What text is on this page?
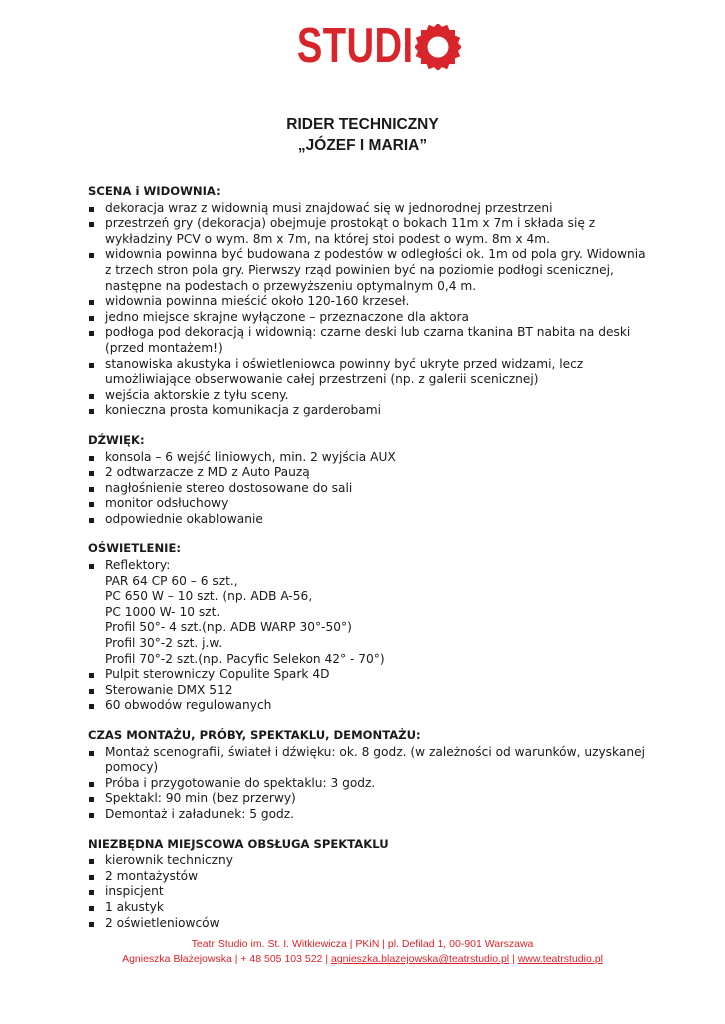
STUDI
RIDER TECHNICZNY
„JÓZEF I MARIA”
SCENA i WIDOWNIA:
dekoracja wraz z widownią musi znajdować się w jednorodnej przestrzeni
przestrzeń gry (dekoracja) obejmuje prostokąt o bokach 11m x 7m i składa się z wykładziny PCV o wym. 8m x 7m, na której stoi podest o wym. 8m x 4m.
widownia powinna być budowana z podestów w odległości ok. 1m od pola gry. Widownia z trzech stron pola gry. Pierwszy rząd powinien być na poziomie podłogi scenicznej, następne na podestach o przewyższeniu optymalnym 0,4 m.
widownia powinna mieścić około 120-160 krzeseł.
jedno miejsce skrajne wyłączone – przeznaczone dla aktora
podłoga pod dekoracją i widownią: czarne deski lub czarna tkanina BT nabita na deski (przed montażem!)
stanowiska akustyka i oświetleniowca powinny być ukryte przed widzami, lecz umożliwiające obserwowanie całej przestrzeni (np. z galerii scenicznej)
wejścia aktorskie z tyłu sceny.
konieczna prosta komunikacja z garderobami
DŹWIĘK:
konsola – 6 wejść liniowych, min. 2 wyjścia AUX
2 odtwarzacze z MD z Auto Pauzą
nagłośnienie stereo dostosowane do sali
monitor odsłuchowy
odpowiednie okablowanie
OŚWIETLENIE:
Reflektory:
PAR 64 CP 60 – 6 szt.,
PC 650 W – 10 szt. (np. ADB A-56,
PC 1000 W- 10 szt.
Profil 50°- 4 szt.(np. ADB WARP 30°-50°)
Profil 30°-2 szt. j.w.
Profil 70°-2 szt.(np. Pacyfic Selekon 42° - 70°)
Pulpit sterowniczy Copulite Spark 4D
Sterowanie DMX 512
60 obwodów regulowanych
CZAS MONTAŻU, PRÓBY, SPEKTAKLU, DEMONTAŻU:
Montaż scenografii, świateł i dźwięku: ok. 8 godz. (w zależności od warunków, uzyskanej pomocy)
Próba i przygotowanie do spektaklu: 3 godz.
Spektakl: 90 min (bez przerwy)
Demontaż i załadunek: 5 godz.
NIEZBĘDNA MIEJSCOWA OBSŁUGA SPEKTAKLU
kierownik techniczny
2 montażystów
inspicjent
1 akustyk
2 oświetleniowców
Teatr Studio im. St. I. Witkiewicza | PKiN | pl. Defilad 1, 00-901 Warszawa
Agnieszka Błażejowska | + 48 505 103 522 | agnieszka.blazejowska@teatrstudio.pl | www.teatrstudio.pl
